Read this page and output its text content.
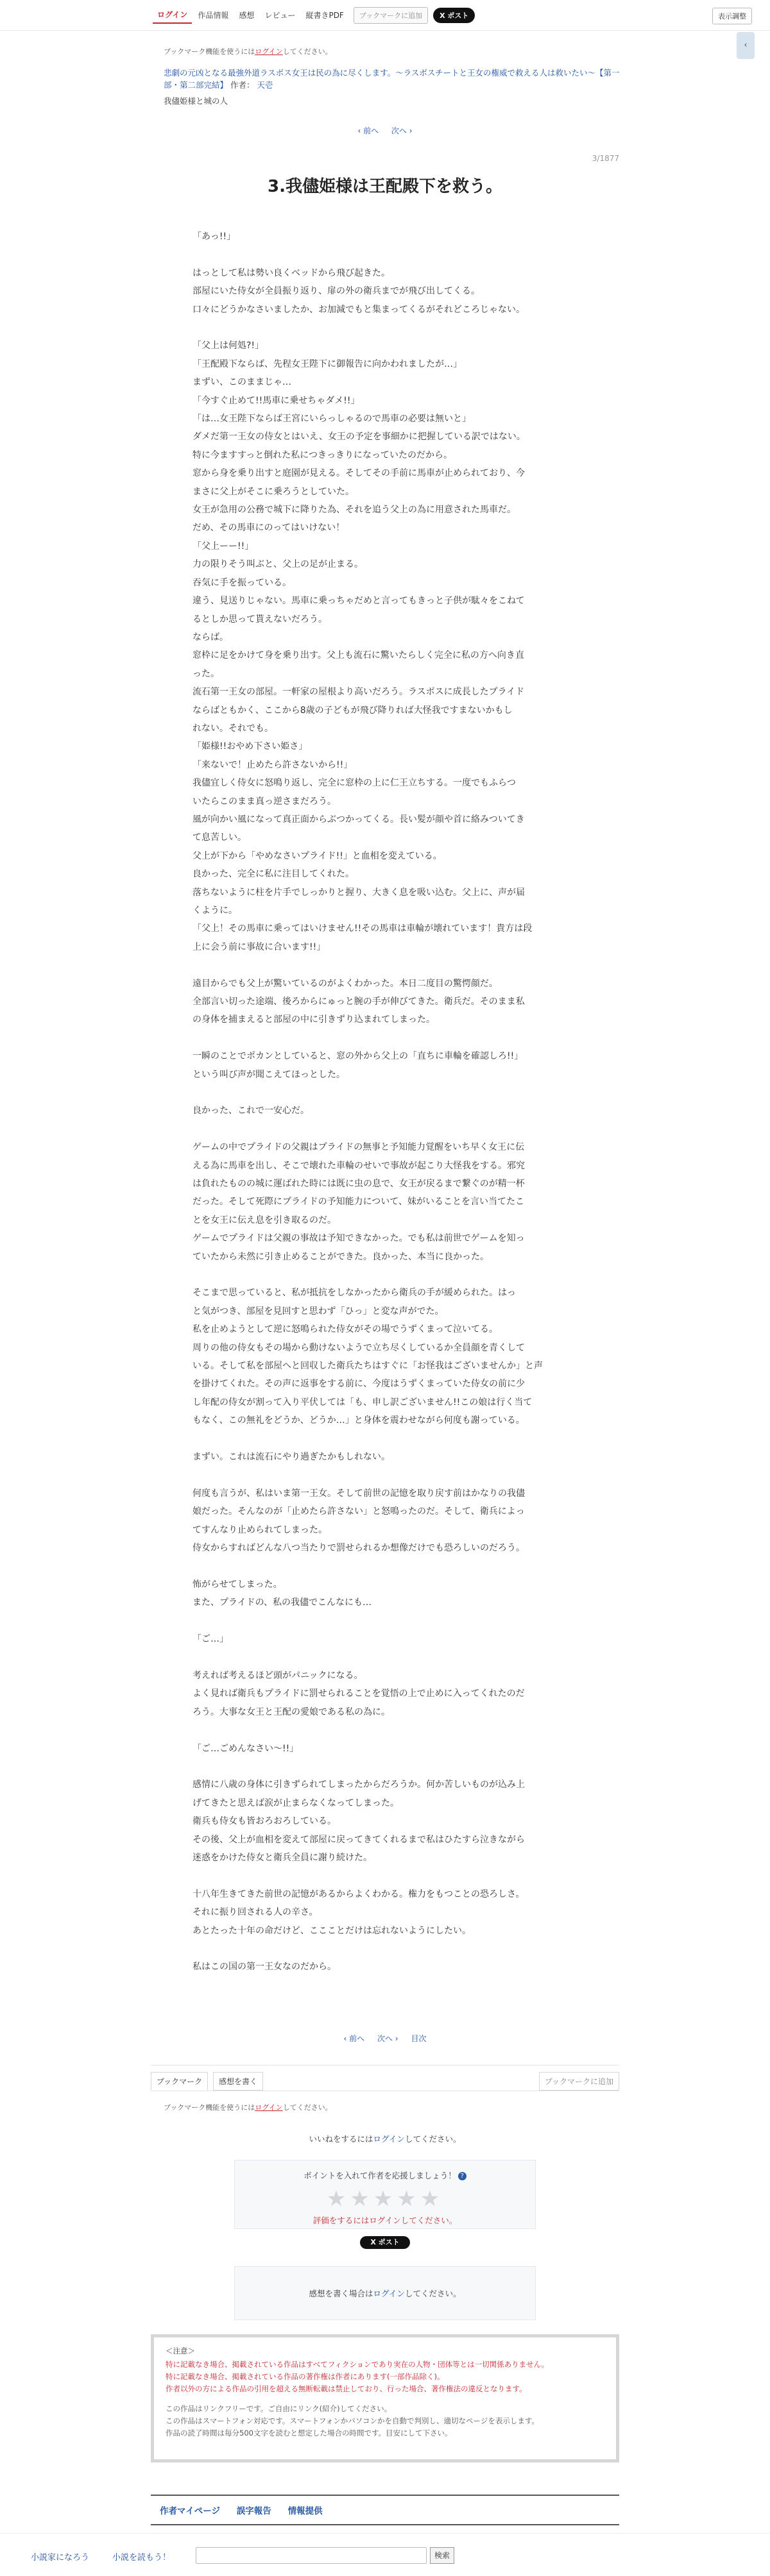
ログイン	作品情報	感想	レビュー	縦書きPDF	ブックマークに追加	X ポスト	表示調整
‹
ブックマーク機能を使うにはログインしてください。
悲劇の元凶となる最強外道ラスボス女王は民の為に尽くします。〜ラスボスチートと王女の権威で救える人は救いたい〜【第一部・第二部完結】 作者： 天壱
我儘姫様と城の人
‹ 前へ 次へ ›
3/1877
3.我儘姫様は王配殿下を救う。

「あっ!!」

はっとして私は勢い良くベッドから飛び起きた。

部屋にいた侍女が全員振り返り、扉の外の衛兵までが飛び出してくる。

口々にどうかなさいましたか、お加減でもと集まってくるがそれどころじゃない。

「父上は何処?!」

「王配殿下ならば、先程女王陛下に御報告に向かわれましたが…」

まずい、このままじゃ…

「今すぐ止めて!!馬車に乗せちゃダメ!!」

「は…女王陛下ならば王宮にいらっしゃるので馬車の必要は無いと」

ダメだ第一王女の侍女とはいえ、女王の予定を事細かに把握している訳ではない。

特に今ますすっと倒れた私につきっきりになっていたのだから。

窓から身を乗り出すと庭園が見える。そしてその手前に馬車が止められており、今

まさに父上がそこに乗ろうとしていた。

女王が急用の公務で城下に降りた為、それを追う父上の為に用意された馬車だ。

だめ、その馬車にのってはいけない！

「父上ーー!!」

力の限りそう叫ぶと、父上の足が止まる。

吞気に手を振っている。

違う、見送りじゃない。馬車に乗っちゃだめと言ってもきっと子供が駄々をこねて

るとしか思って貰えないだろう。

ならば。

窓枠に足をかけて身を乗り出す。父上も流石に驚いたらしく完全に私の方へ向き直

った。

流石第一王女の部屋。一軒家の屋根より高いだろう。ラスボスに成長したプライド

ならばともかく、ここから8歳の子どもが飛び降りれば大怪我ですまないかもし

れない。それでも。

「姫様!!おやめ下さい姫さ」

「来ないで！止めたら許さないから!!」

我儘宜しく侍女に怒鳴り返し、完全に窓枠の上に仁王立ちする。一度でもふらつ

いたらこのまま真っ逆さまだろう。

風が向かい風になって真正面からぶつかってくる。長い髪が顔や首に絡みついてき

て息苦しい。

父上が下から「やめなさいプライド!!」と血相を変えている。

良かった、完全に私に注目してくれた。

落ちないように柱を片手でしっかりと握り、大きく息を吸い込む。父上に、声が届

くように。

「父上！その馬車に乗ってはいけません!!その馬車は車輪が壊れています！貴方は段

上に会う前に事故に合います!!」

遠目からでも父上が驚いているのがよくわかった。本日二度目の驚愕顔だ。

全部言い切った途端、後ろからにゅっと腕の手が伸びてきた。衛兵だ。そのまま私

の身体を捕まえると部屋の中に引きずり込まれてしまった。

一瞬のことでポカンとしていると、窓の外から父上の「直ちに車輪を確認しろ!!」

という叫び声が聞こえてほっとした。

良かった、これで一安心だ。

ゲームの中でプライドの父親はプライドの無事と予知能力覚醒をいち早く女王に伝

える為に馬車を出し、そこで壊れた車輪のせいで事故が起こり大怪我をする。邪究

は負れたものの城に運ばれた時には既に虫の息で、女王が戻るまで繋ぐのが精一杯

だった。そして死際にプライドの予知能力について、妹がいることを言い当てたこ

とを女王に伝え息を引き取るのだ。

ゲームでプライドは父親の事故は予知できなかった。でも私は前世でゲームを知っ

ていたから未然に引き止めることができた。良かった、本当に良かった。

そこまで思っていると、私が抵抗をしなかったから衛兵の手が緩められた。はっ

と気がつき、部屋を見回すと思わず「ひっ」と変な声がでた。

私を止めようとして逆に怒鳴られた侍女がその場でうずくまって泣いてる。

周りの他の侍女もその場から動けないようで立ち尽くしているか全員顔を青くして

いる。そして私を部屋へと回収した衛兵たちはすぐに「お怪我はございませんか」と声

を掛けてくれた。その声に返事をする前に、今度はうずくまっていた侍女の前に少

し年配の侍女が割って入り平伏しては「も、申し訳ございません!!この娘は行く当て

もなく、この無礼をどうか、どうか…」と身体を震わせながら何度も謝っている。

まずい。これは流石にやり過ぎたかもしれない。

何度も言うが、私はいま第一王女。そして前世の記憶を取り戻す前はかなりの我儘

娘だった。そんなのが「止めたら許さない」と怒鳴ったのだ。そして、衛兵によっ

てすんなり止められてしまった。

侍女からすればどんな八つ当たりで罰せられるか想像だけでも恐ろしいのだろう。

怖がらせてしまった。

また、プライドの、私の我儘でこんなにも…

「ご…」

考えれば考えるほど頭がパニックになる。

よく見れば衛兵もプライドに罰せられることを覚悟の上で止めに入ってくれたのだ

ろう。大事な女王と王配の愛娘である私の為に。

「ご…ごめんなさい〜!!」

感情に八歳の身体に引きずられてしまったからだろうか。何か苦しいものが込み上

げてきたと思えば涙が止まらなくなってしまった。

衛兵も侍女も皆おろおろしている。

その後、父上が血相を変えて部屋に戻ってきてくれるまで私はひたすら泣きながら

迷惑をかけた侍女と衛兵全員に謝り続けた。

十八年生きてきた前世の記憶があるからよくわかる。権力をもつことの恐ろしさ。

それに振り回される人の辛さ。

あとたった十年の命だけど、ここことだけは忘れないようにしたい。

私はこの国の第一王女なのだから。

‹ 前へ 次へ › 目次
ブックマーク	感想を書く	ブックマークに追加
ブックマーク機能を使うにはログインしてください。
いいねをするにはログインしてください。
ポイントを入れて作者を応援しましょう！ ?
★★★★★
評価をするにはログインしてください。
X ポスト
感想を書く場合はログインしてください。
＜注意＞
特に記載なき場合、掲載されている作品はすべてフィクションであり実在の人物・団体等とは一切関係ありません。
特に記載なき場合、掲載されている作品の著作権は作者にあります(一部作品除く)。
作者以外の方による作品の引用を超える無断転載は禁止しており、行った場合、著作権法の違反となります。
この作品はリンクフリーです。ご自由にリンク(紹介)してください。
この作品はスマートフォン対応です。スマートフォンかパソコンかを自動で判別し、適切なページを表示します。
作品の読了時間は毎分500文字を読むと想定した場合の時間です。目安にして下さい。
作者マイページ 誤字報告 情報提供
小説家になろう	小説を読もう！	検索
